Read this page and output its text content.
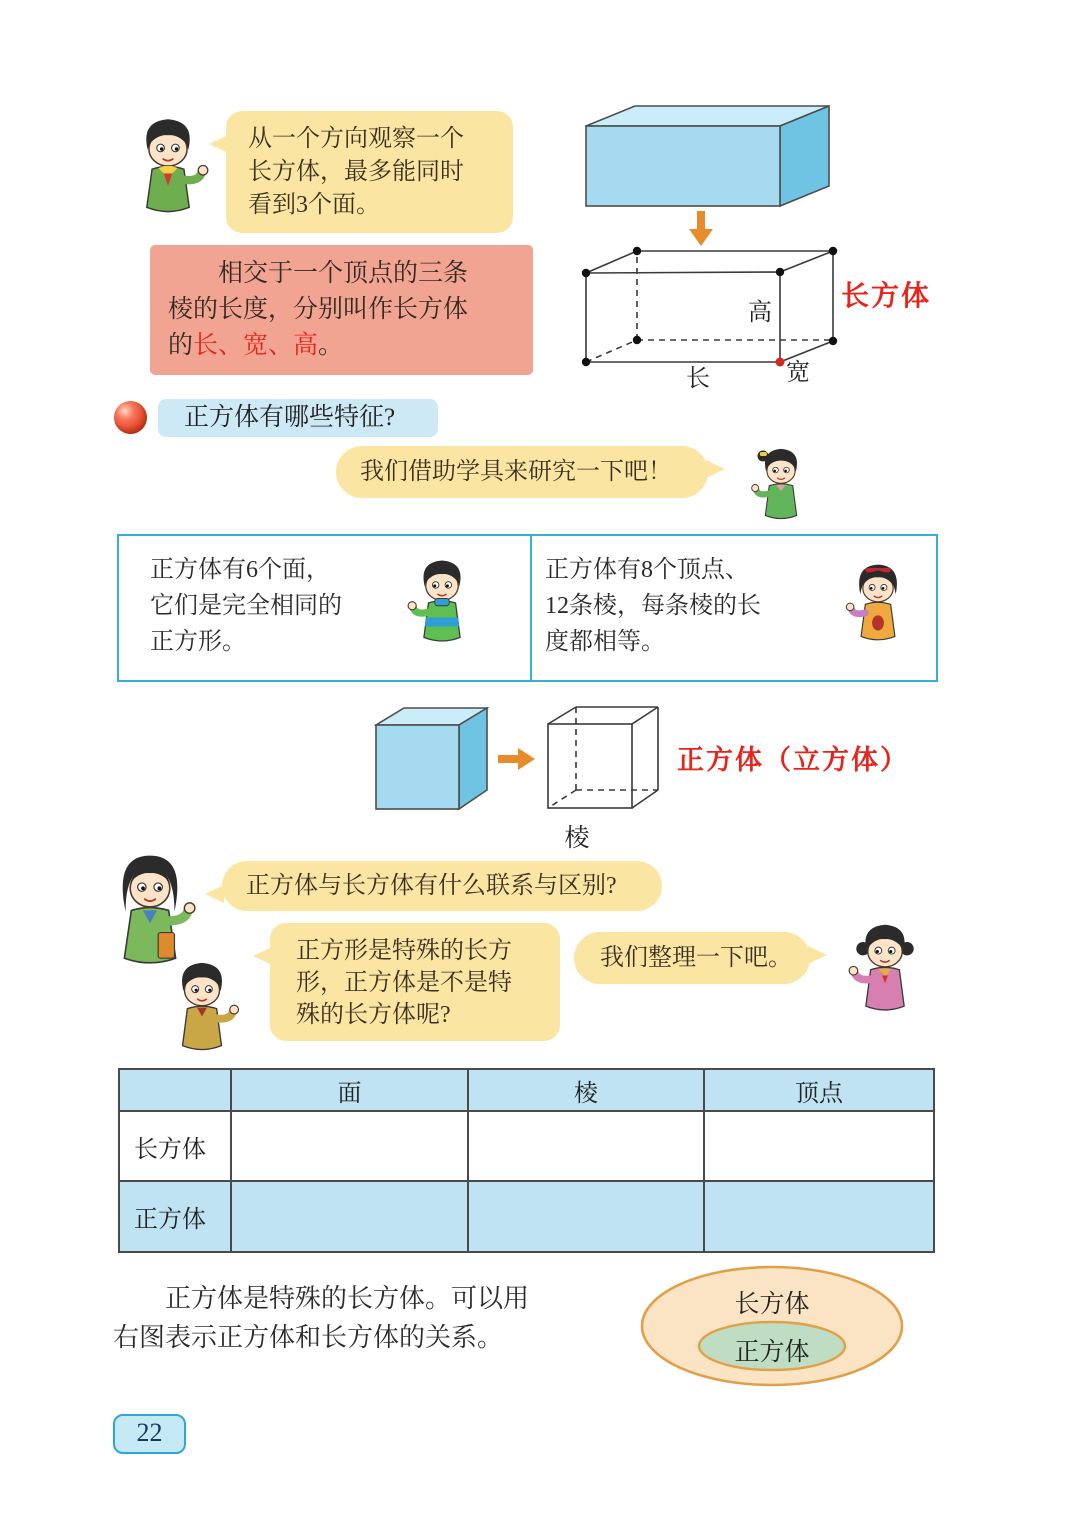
从一个方向观察一个
长方体，最多能同时
看到3个面。
相交于一个顶点的三条
棱的长度，分别叫作长方体
的长、宽、高。
高
长	宽
长方体
正方体有哪些特征?
我们借助学具来研究一下吧！
正方体有6个面，
它们是完全相同的
正方形。
正方体有8个顶点、
12条棱，每条棱的长
度都相等。
棱
正方体（立方体）
正方体与长方体有什么联系与区别?
正方形是特殊的长方
形，正方体是不是特
殊的长方体呢?
我们整理一下吧。
	面	棱	顶点
长方体			
正方体			
正方体是特殊的长方体。可以用
右图表示正方体和长方体的关系。
长方体
正方体
22
